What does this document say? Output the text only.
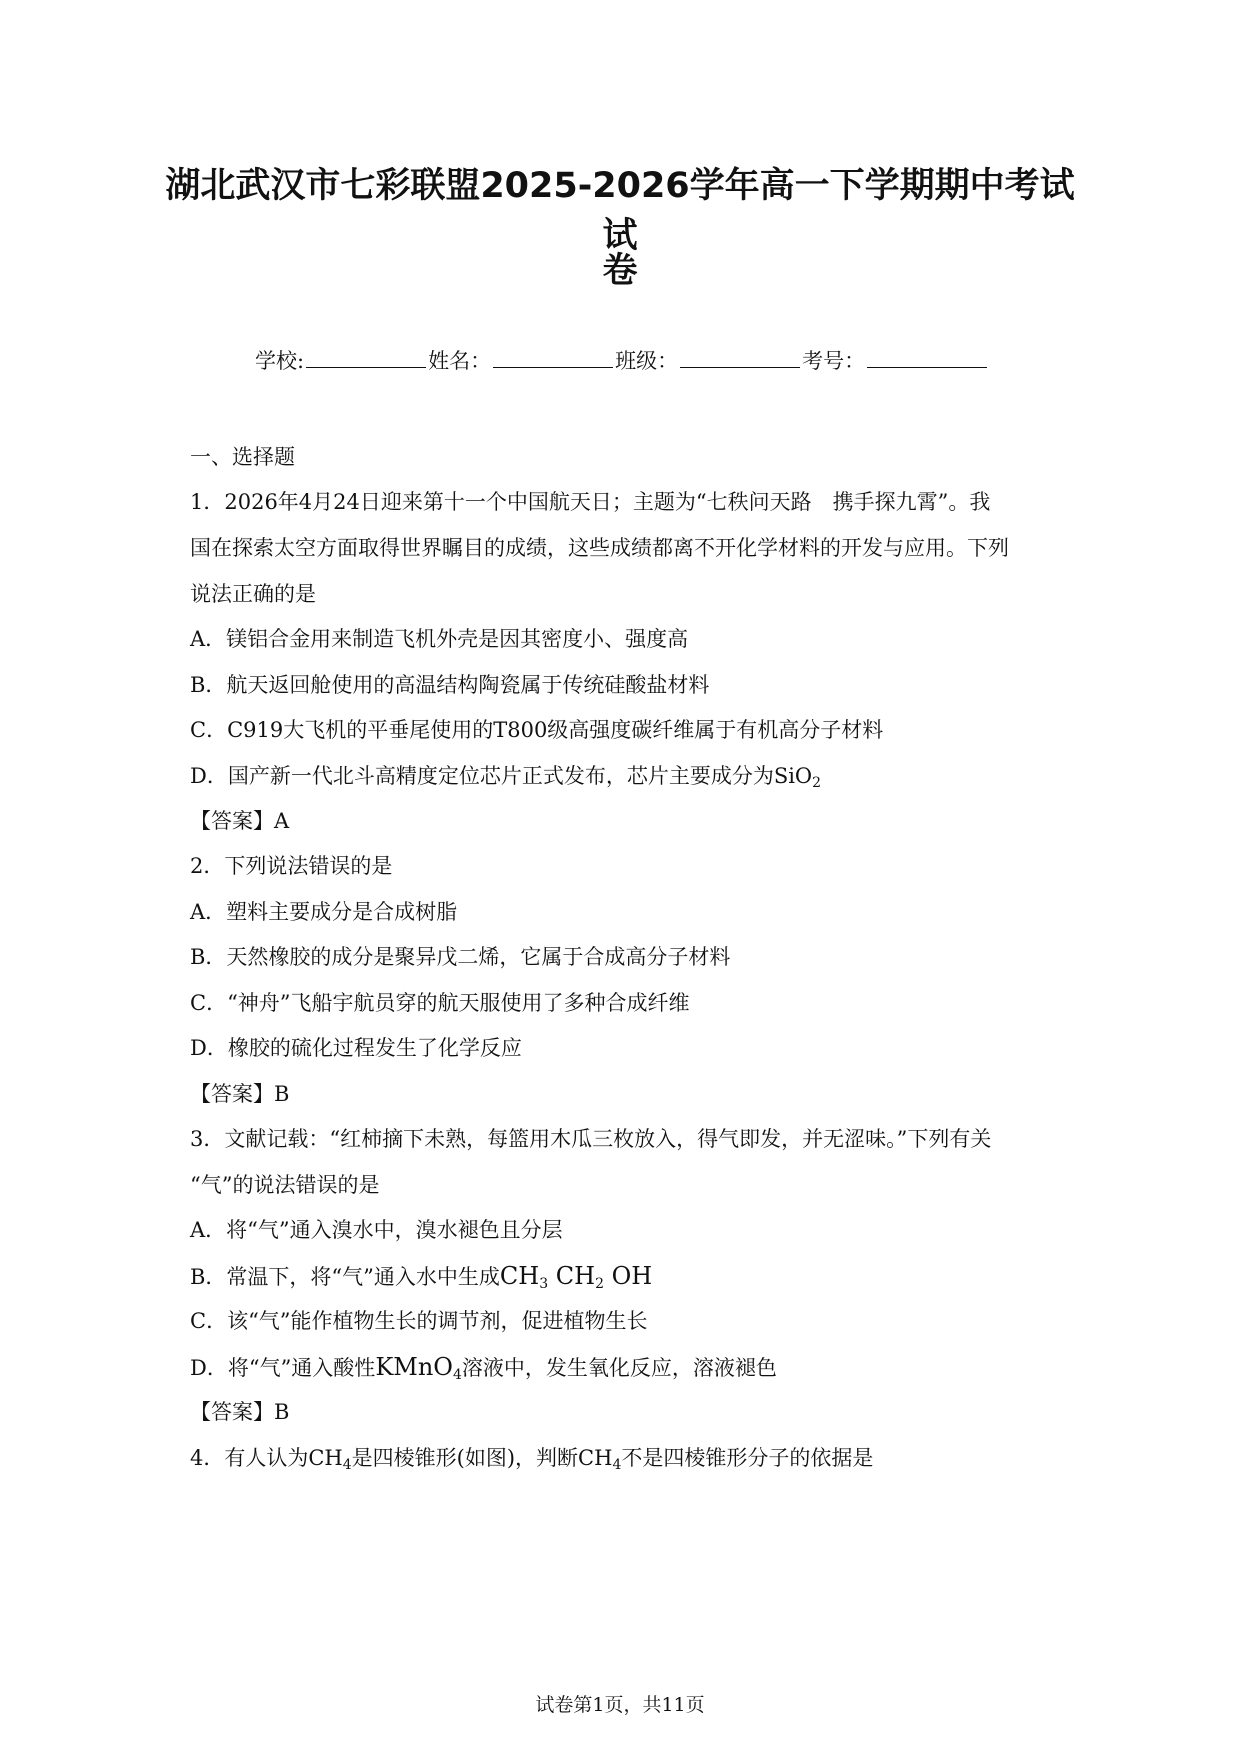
湖北武汉市七彩联盟2025-2026学年高一下学期期中考试试
卷
学校:	姓名：	班级：	考号：
一、选择题
1．2026年4月24日迎来第十一个中国航天日；主题为“七秩问天路　携手探九霄”。我
国在探索太空方面取得世界瞩目的成绩，这些成绩都离不开化学材料的开发与应用。下列
说法正确的是
A．镁铝合金用来制造飞机外壳是因其密度小、强度高
B．航天返回舱使用的高温结构陶瓷属于传统硅酸盐材料
C．C919大飞机的平垂尾使用的T800级高强度碳纤维属于有机高分子材料
D．国产新一代北斗高精度定位芯片正式发布，芯片主要成分为SiO$_2$
【答案】A
2．下列说法错误的是
A．塑料主要成分是合成树脂
B．天然橡胶的成分是聚异戊二烯，它属于合成高分子材料
C．“神舟”飞船宇航员穿的航天服使用了多种合成纤维
D．橡胶的硫化过程发生了化学反应
【答案】B
3．文献记载：“红柿摘下未熟，每篮用木瓜三枚放入，得气即发，并无涩味。”下列有关
“气”的说法错误的是
A．将“气”通入溴水中，溴水褪色且分层
B．常温下，将“气”通入水中生成$CH_3$ $CH_2$ OH
C．该“气”能作植物生长的调节剂，促进植物生长
D．将“气”通入酸性KMnO$_4$溶液中，发生氧化反应，溶液褪色
【答案】B
4．有人认为$CH_4$是四棱锥形(如图)，判断$CH_4$不是四棱锥形分子的依据是
试卷第1页，共11页
